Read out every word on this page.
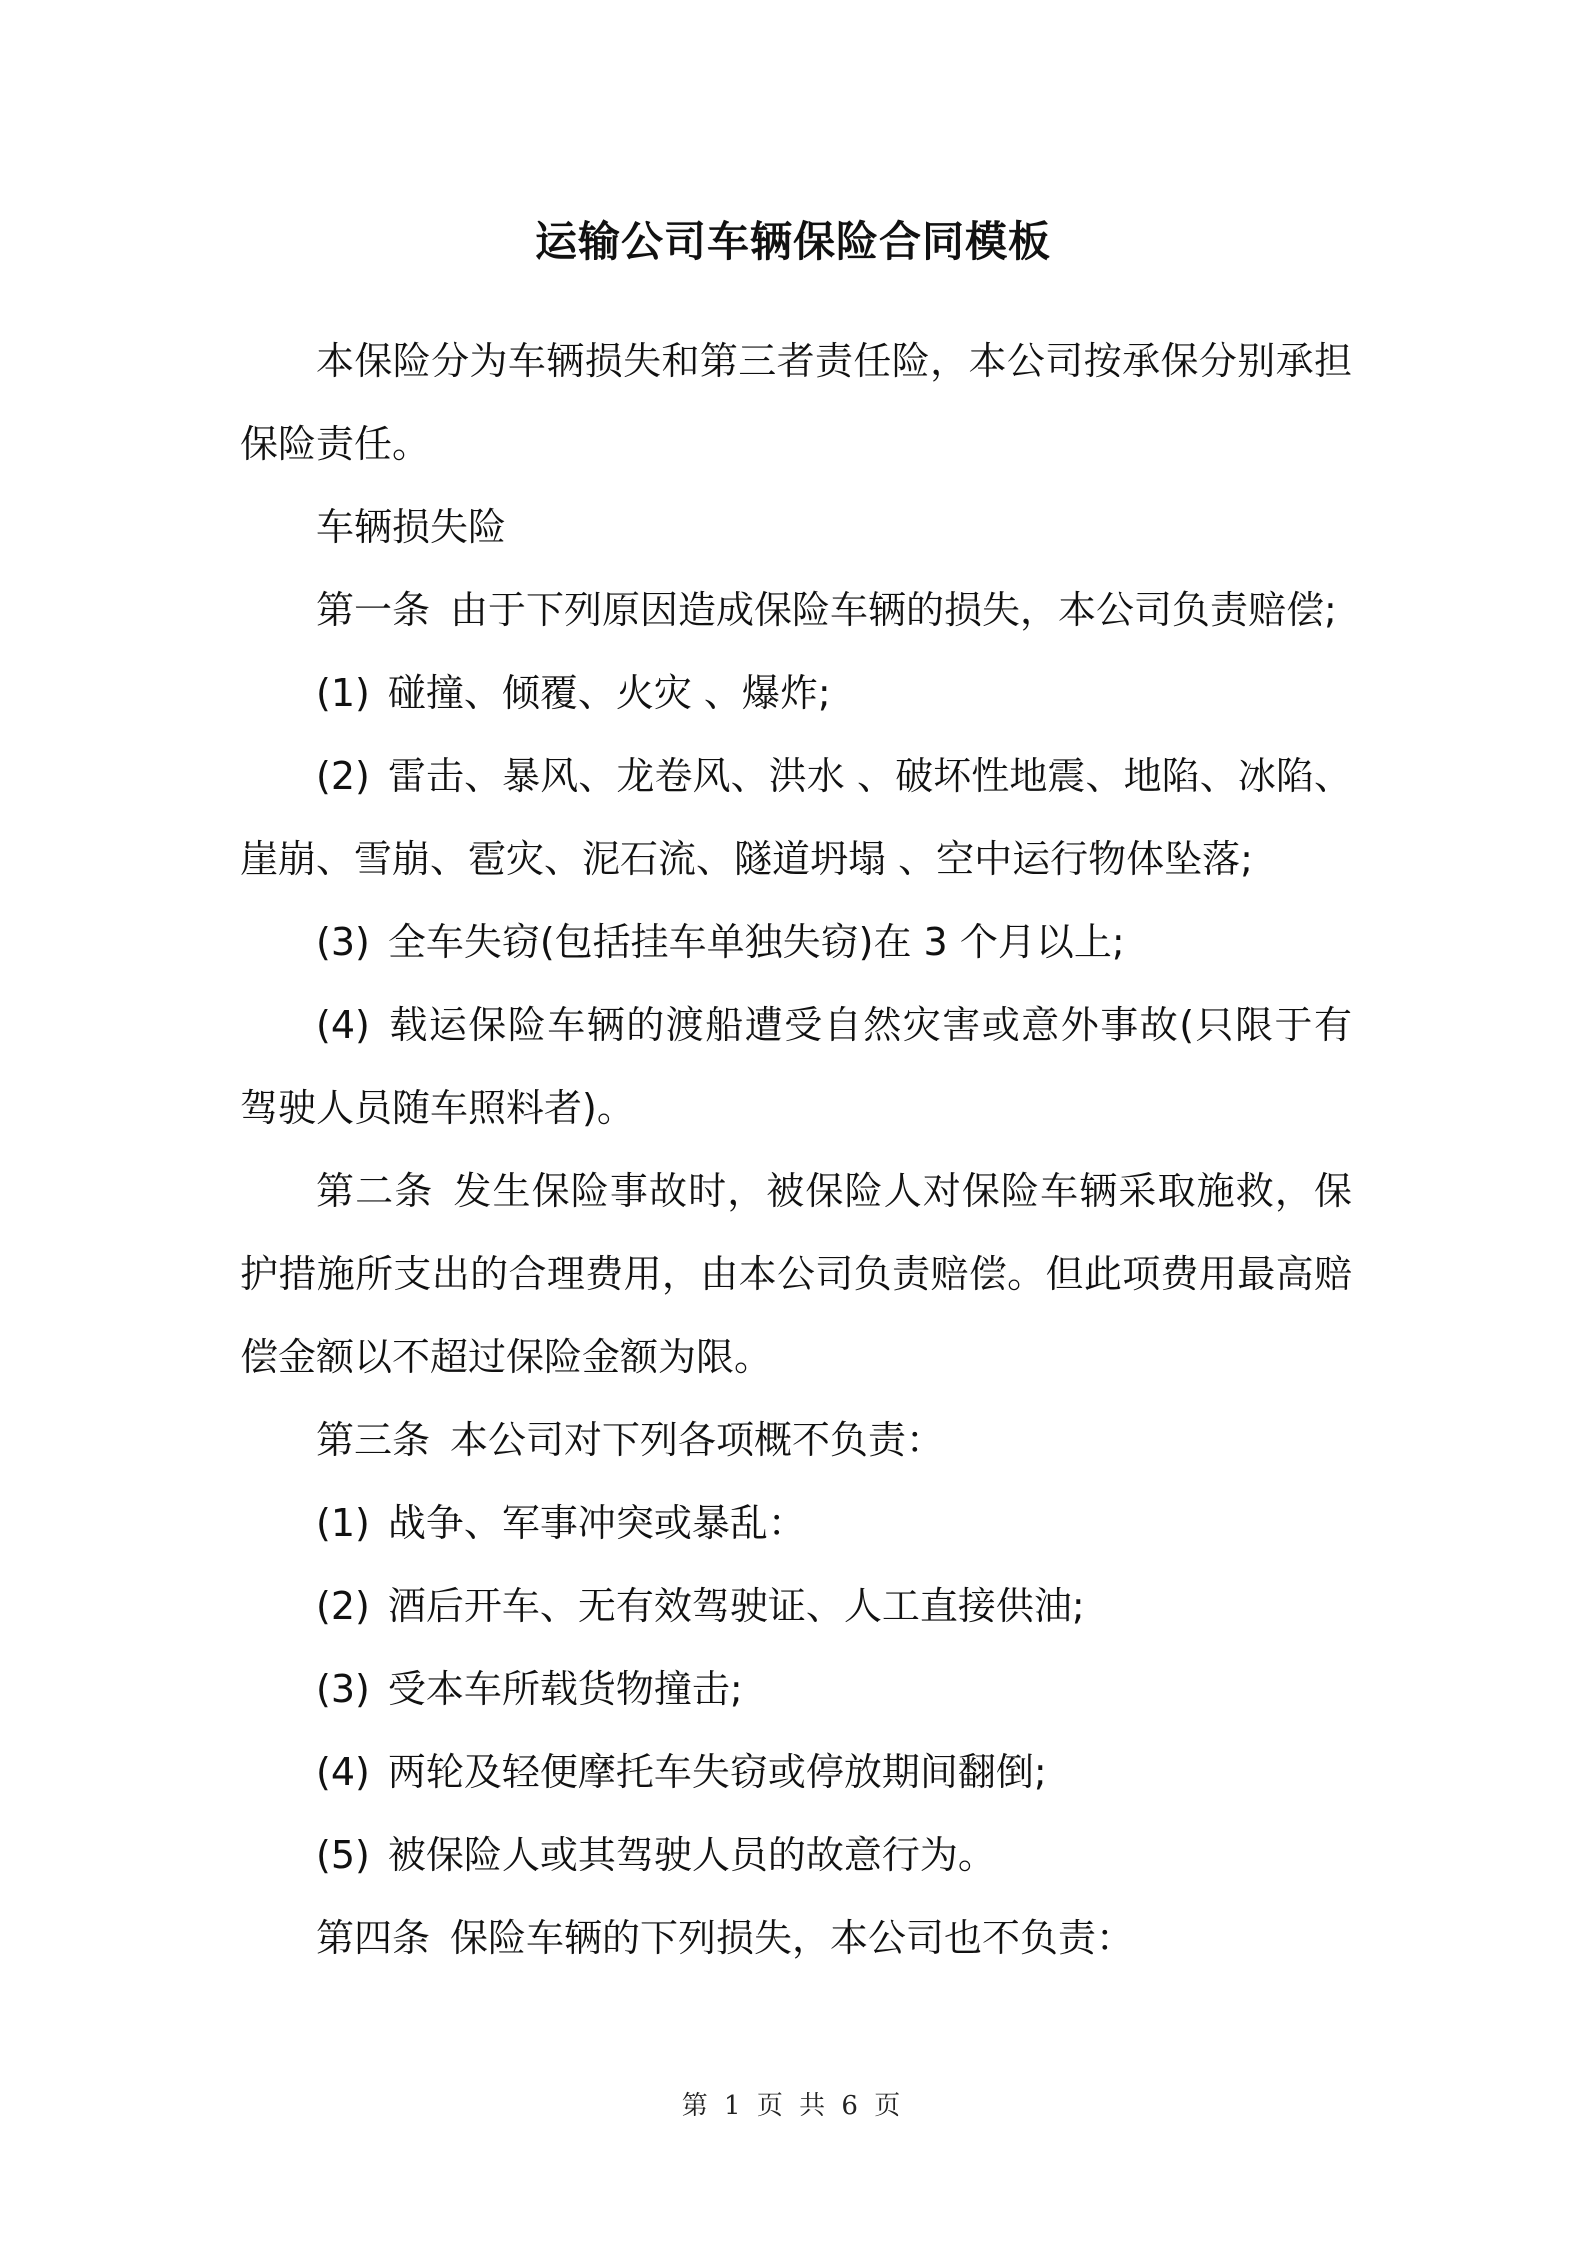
运输公司车辆保险合同模板

本保险分为车辆损失和第三者责任险，本公司按承保分别承担保险责任。

车辆损失险

第一条 由于下列原因造成保险车辆的损失，本公司负责赔偿;

(1) 碰撞、倾覆、火灾 、爆炸;

(2) 雷击、暴风、龙卷风、洪水 、破坏性地震、地陷、冰陷、崖崩、雪崩、雹灾、泥石流、隧道坍塌 、空中运行物体坠落;

(3) 全车失窃(包括挂车单独失窃)在 3 个月以上;

(4) 载运保险车辆的渡船遭受自然灾害或意外事故(只限于有驾驶人员随车照料者)。

第二条 发生保险事故时，被保险人对保险车辆采取施救，保护措施所支出的合理费用，由本公司负责赔偿。但此项费用最高赔偿金额以不超过保险金额为限。

第三条 本公司对下列各项概不负责：

(1) 战争、军事冲突或暴乱：

(2) 酒后开车、无有效驾驶证、人工直接供油;

(3) 受本车所载货物撞击;

(4) 两轮及轻便摩托车失窃或停放期间翻倒;

(5) 被保险人或其驾驶人员的故意行为。

第四条 保险车辆的下列损失，本公司也不负责：

第 1 页 共 6 页
